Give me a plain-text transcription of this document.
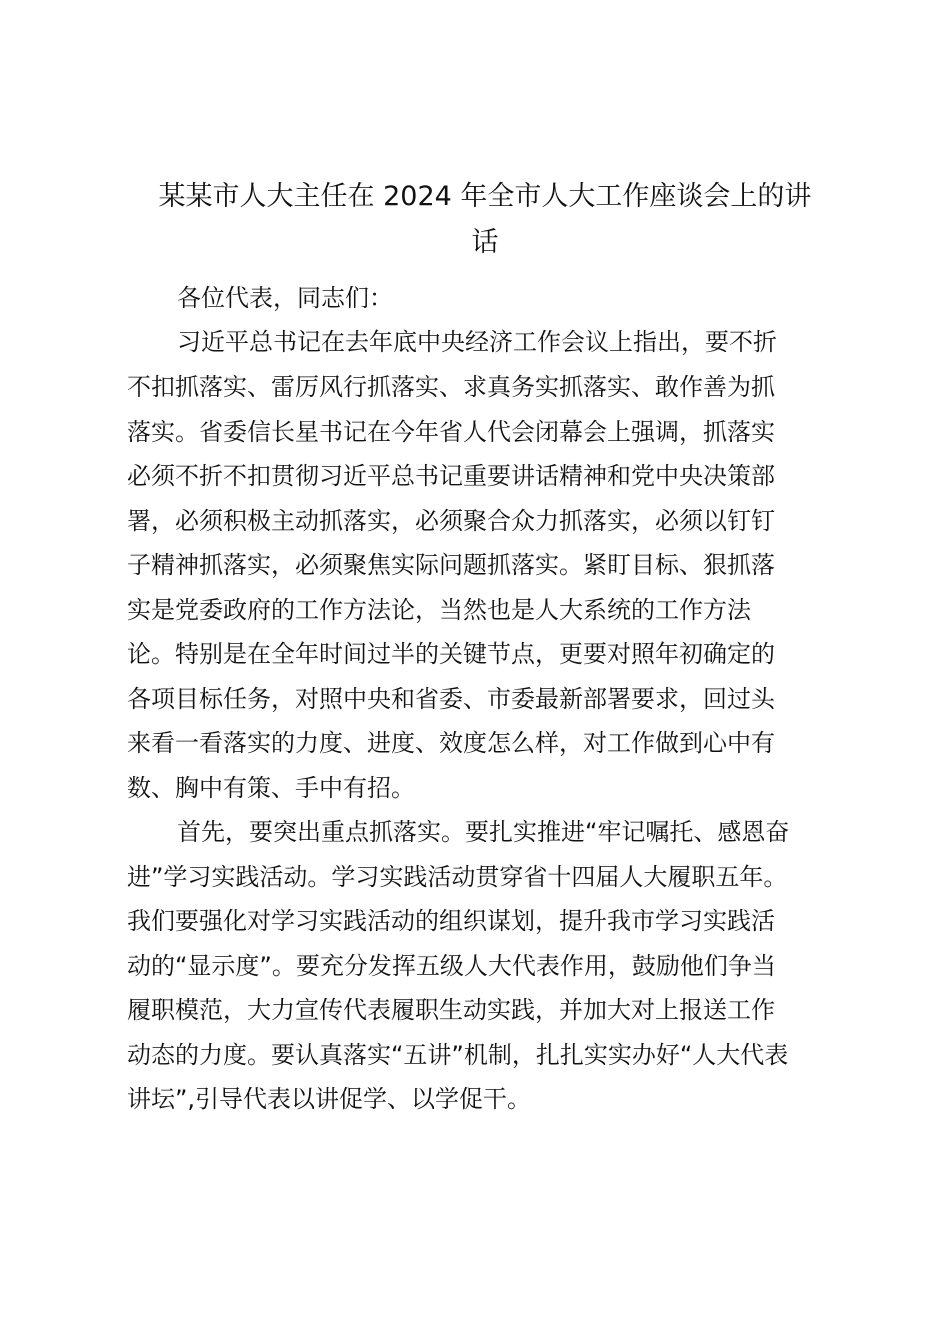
某某市人大主任在 2024 年全市人大工作座谈会上的讲

话

各位代表，同志们：

习近平总书记在去年底中央经济工作会议上指出，要不折

不扣抓落实、雷厉风行抓落实、求真务实抓落实、敢作善为抓

落实。省委信长星书记在今年省人代会闭幕会上强调，抓落实

必须不折不扣贯彻习近平总书记重要讲话精神和党中央决策部

署，必须积极主动抓落实，必须聚合众力抓落实，必须以钉钉

子精神抓落实，必须聚焦实际问题抓落实。紧盯目标、狠抓落

实是党委政府的工作方法论，当然也是人大系统的工作方法

论。特别是在全年时间过半的关键节点，更要对照年初确定的

各项目标任务，对照中央和省委、市委最新部署要求，回过头

来看一看落实的力度、进度、效度怎么样，对工作做到心中有

数、胸中有策、手中有招。

首先，要突出重点抓落实。要扎实推进“牢记嘱托、感恩奋

进”学习实践活动。学习实践活动贯穿省十四届人大履职五年。

我们要强化对学习实践活动的组织谋划，提升我市学习实践活

动的“显示度”。要充分发挥五级人大代表作用，鼓励他们争当

履职模范，大力宣传代表履职生动实践，并加大对上报送工作

动态的力度。要认真落实“五讲”机制，扎扎实实办好“人大代表

讲坛”,引导代表以讲促学、以学促干。
